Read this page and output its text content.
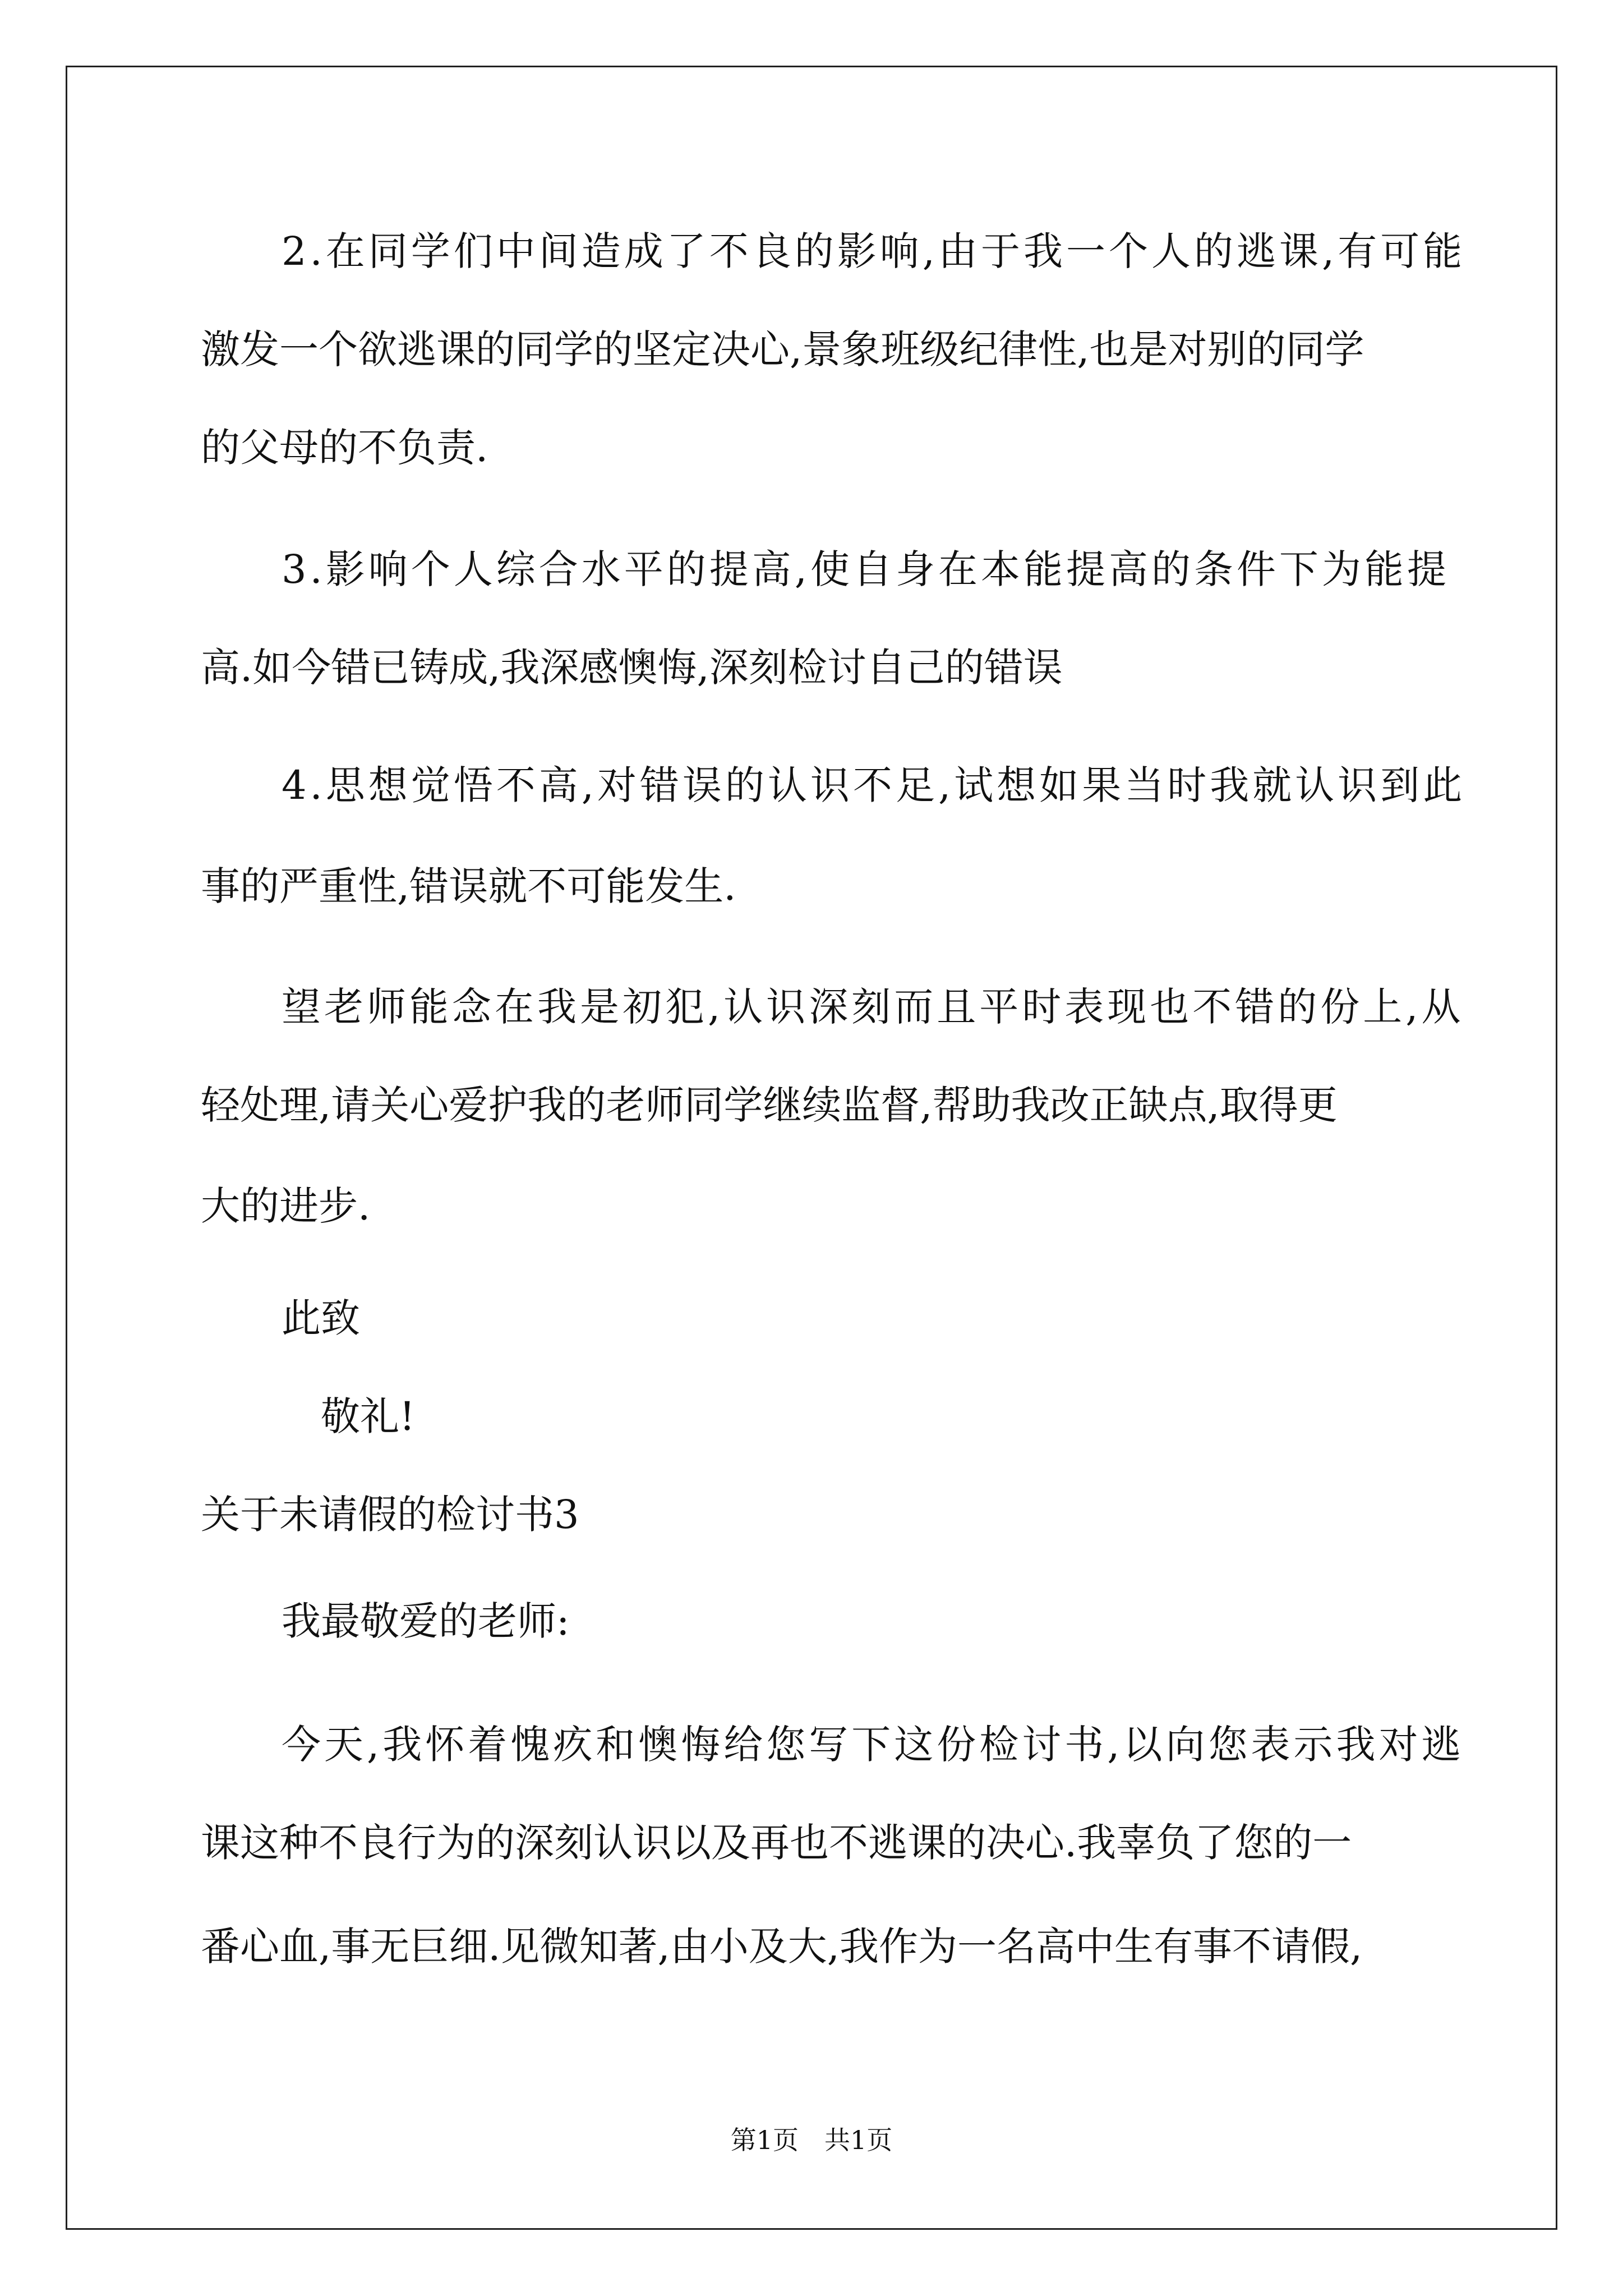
2.在同学们中间造成了不良的影响,由于我一个人的逃课,有可能
激发一个欲逃课的同学的坚定决心,景象班级纪律性,也是对别的同学
的父母的不负责.
3.影响个人综合水平的提高,使自身在本能提高的条件下为能提
高.如今错已铸成,我深感懊悔,深刻检讨自己的错误
4.思想觉悟不高,对错误的认识不足,试想如果当时我就认识到此
事的严重性,错误就不可能发生.
望老师能念在我是初犯,认识深刻而且平时表现也不错的份上,从
轻处理,请关心爱护我的老师同学继续监督,帮助我改正缺点,取得更
大的进步.
此致
敬礼!
关于未请假的检讨书3
我最敬爱的老师:
今天,我怀着愧疚和懊悔给您写下这份检讨书,以向您表示我对逃
课这种不良行为的深刻认识以及再也不逃课的决心.我辜负了您的一
番心血,事无巨细.见微知著,由小及大,我作为一名高中生有事不请假,
第1页　共1页
